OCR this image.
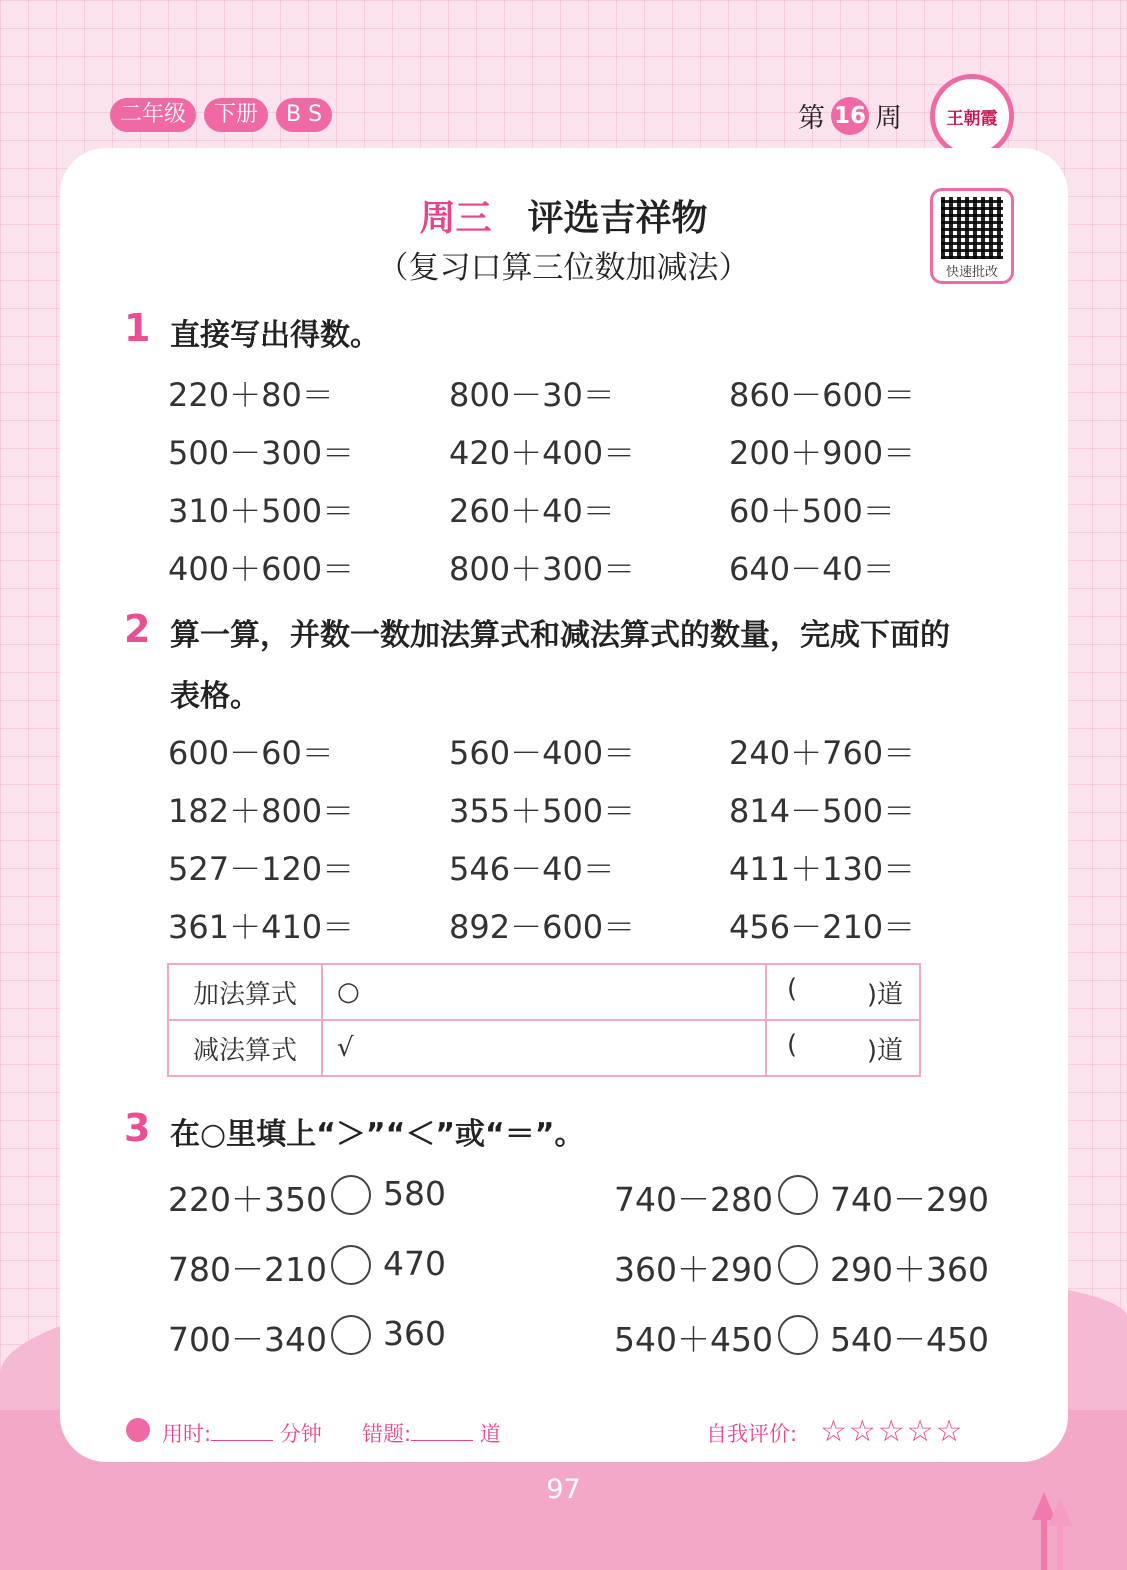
二年级	下册	B S	第 16 周	王朝霞
快速批改
周三 评选吉祥物
（复习口算三位数加减法）
1 直接写出得数。
220＋80＝	800－30＝	860－600＝
500－300＝	420＋400＝	200＋900＝
310＋500＝	260＋40＝	60＋500＝
400＋600＝	800＋300＝	640－40＝
2 算一算，并数一数加法算式和减法算式的数量，完成下面的
表格。
600－60＝	560－400＝	240＋760＝
182＋800＝	355＋500＝	814－500＝
527－120＝	546－40＝	411＋130＝
361＋410＝	892－600＝	456－210＝
加法算式	○	( )道

减法算式	√	( )道
3 在○里填上“＞”“＜”或“＝”。
220＋350 580	740－280 740－290
780－210 470	360＋290 290＋360
700－340 360	540＋450 540－450
用时:	分钟 错题:	道	自我评价: ☆☆☆☆☆
97
